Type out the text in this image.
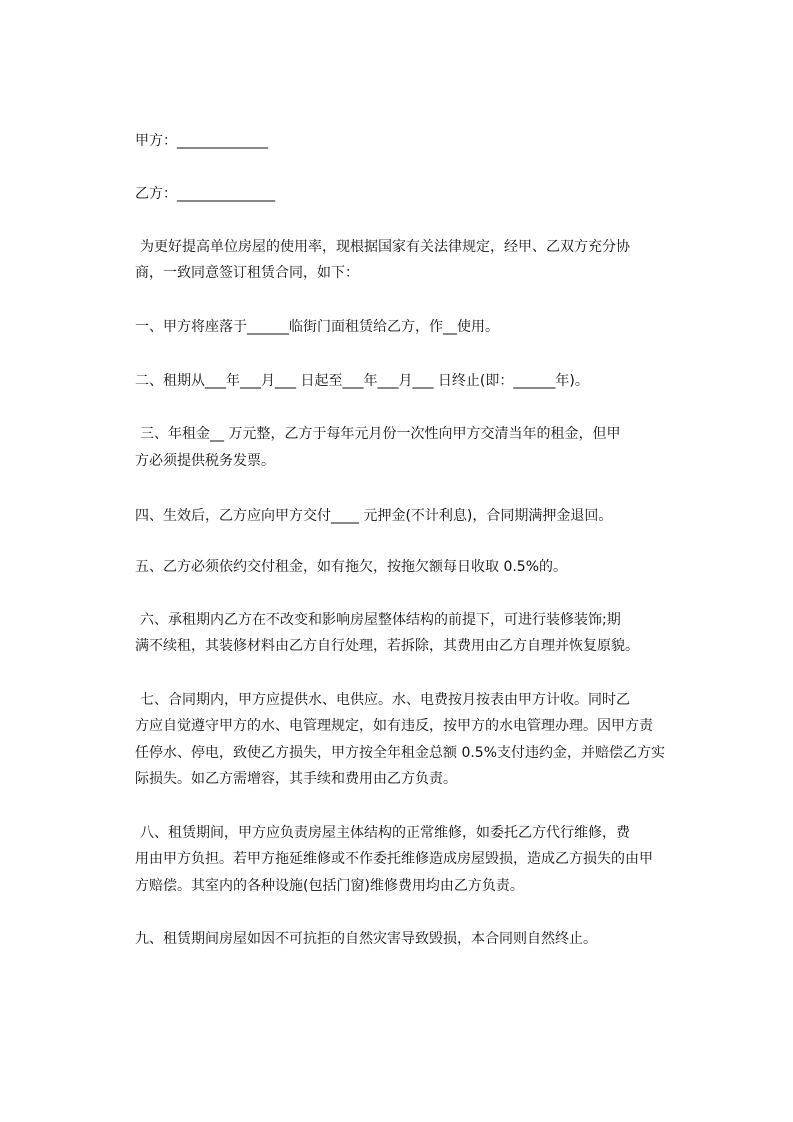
甲方：_____________
乙方：______________
为更好提高单位房屋的使用率，现根据国家有关法律规定，经甲、乙双方充分协
商，一致同意签订租赁合同，如下：
一、甲方将座落于______临街门面租赁给乙方，作__使用。
二、租期从___年___月___ 日起至___年___月___ 日终止(即：______年)。
三、年租金__ 万元整，乙方于每年元月份一次性向甲方交清当年的租金，但甲
方必须提供税务发票。
四、生效后，乙方应向甲方交付____ 元押金(不计利息)，合同期满押金退回。
五、乙方必须依约交付租金，如有拖欠，按拖欠额每日收取 0.5%的。
六、承租期内乙方在不改变和影响房屋整体结构的前提下，可进行装修装饰;期
满不续租，其装修材料由乙方自行处理，若拆除，其费用由乙方自理并恢复原貌。
七、合同期内，甲方应提供水、电供应。水、电费按月按表由甲方计收。同时乙
方应自觉遵守甲方的水、电管理规定，如有违反，按甲方的水电管理办理。因甲方责
任停水、停电，致使乙方损失，甲方按全年租金总额 0.5%支付违约金，并赔偿乙方实
际损失。如乙方需增容，其手续和费用由乙方负责。
八、租赁期间，甲方应负责房屋主体结构的正常维修，如委托乙方代行维修，费
用由甲方负担。若甲方拖延维修或不作委托维修造成房屋毁损，造成乙方损失的由甲
方赔偿。其室内的各种设施(包括门窗)维修费用均由乙方负责。
九、租赁期间房屋如因不可抗拒的自然灾害导致毁损，本合同则自然终止。
